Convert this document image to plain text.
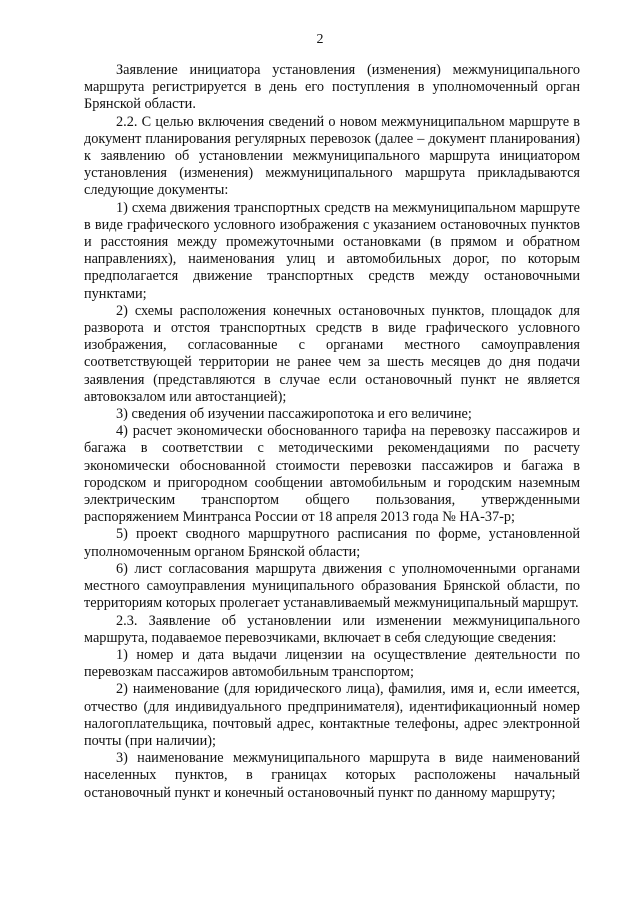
2

Заявление инициатора установления (изменения) межмуниципального маршрута регистрируется в день его поступления в уполномоченный орган Брянской области.

2.2. С целью включения сведений о новом межмуниципальном маршруте в документ планирования регулярных перевозок (далее – документ планирования) к заявлению об установлении межмуниципального маршрута инициатором установления (изменения) межмуниципального маршрута прикладываются следующие документы:

1) схема движения транспортных средств на межмуниципальном маршруте в виде графического условного изображения с указанием остановочных пунктов и расстояния между промежуточными остановками (в прямом и обратном направлениях), наименования улиц и автомобильных дорог, по которым предполагается движение транспортных средств между остановочными пунктами;

2) схемы расположения конечных остановочных пунктов, площадок для разворота и отстоя транспортных средств в виде графического условного изображения, согласованные с органами местного самоуправления соответствующей территории не ранее чем за шесть месяцев до дня подачи заявления (представляются в случае если остановочный пункт не является автовокзалом или автостанцией);

3) сведения об изучении пассажиропотока и его величине;

4) расчет экономически обоснованного тарифа на перевозку пассажиров и багажа в соответствии с методическими рекомендациями по расчету экономически обоснованной стоимости перевозки пассажиров и багажа в городском и пригородном сообщении автомобильным и городским наземным электрическим транспортом общего пользования, утвержденными распоряжением Минтранса России от 18 апреля 2013 года № НА-37-р;

5) проект сводного маршрутного расписания по форме, установленной уполномоченным органом Брянской области;

6) лист согласования маршрута движения с уполномоченными органами местного самоуправления муниципального образования Брянской области, по территориям которых пролегает устанавливаемый межмуниципальный маршрут.

2.3. Заявление об установлении или изменении межмуниципального маршрута, подаваемое перевозчиками, включает в себя следующие сведения:

1) номер и дата выдачи лицензии на осуществление деятельности по перевозкам пассажиров автомобильным транспортом;

2) наименование (для юридического лица), фамилия, имя и, если имеется, отчество (для индивидуального предпринимателя), идентификационный номер налогоплательщика, почтовый адрес, контактные телефоны, адрес электронной почты (при наличии);

3) наименование межмуниципального маршрута в виде наименований населенных пунктов, в границах которых расположены начальный остановочный пункт и конечный остановочный пункт по данному маршруту;
